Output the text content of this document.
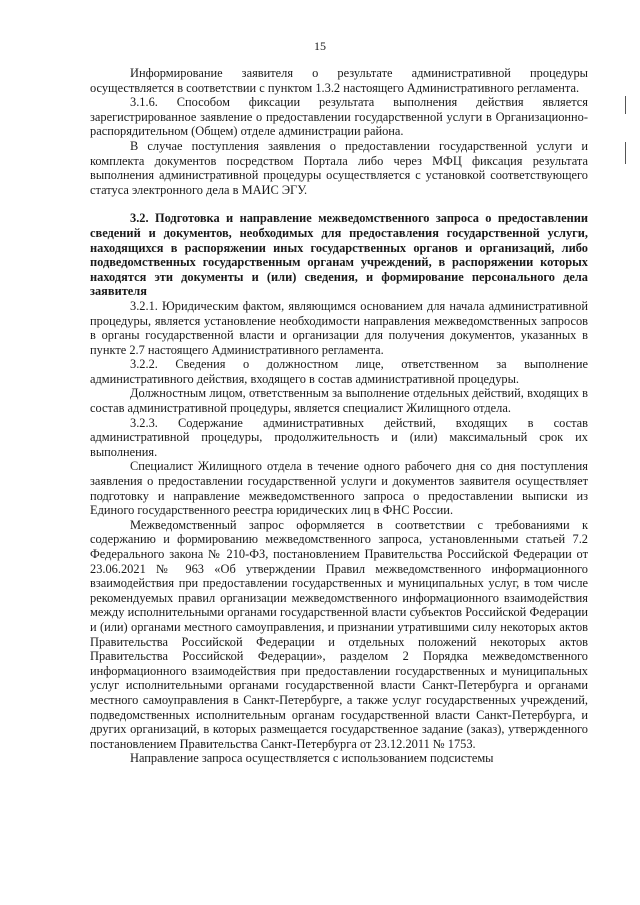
15

Информирование заявителя о результате административной процедуры осуществляется в соответствии с пунктом 1.3.2 настоящего Административного регламента.

3.1.6. Способом фиксации результата выполнения действия является зарегистрированное заявление о предоставлении государственной услуги в Организационно-распорядительном (Общем) отделе администрации района.

В случае поступления заявления о предоставлении государственной услуги и комплекта документов посредством Портала либо через МФЦ фиксация результата выполнения административной процедуры осуществляется с установкой соответствующего статуса электронного дела в МАИС ЭГУ.

3.2. Подготовка и направление межведомственного запроса о предоставлении сведений и документов, необходимых для предоставления государственной услуги, находящихся в распоряжении иных государственных органов и организаций, либо подведомственных государственным органам учреждений, в распоряжении которых находятся эти документы и (или) сведения, и формирование персонального дела заявителя

3.2.1. Юридическим фактом, являющимся основанием для начала административной процедуры, является установление необходимости направления межведомственных запросов в органы государственной власти и организации для получения документов, указанных в пункте 2.7 настоящего Административного регламента.

3.2.2. Сведения о должностном лице, ответственном за выполнение административного действия, входящего в состав административной процедуры.

Должностным лицом, ответственным за выполнение отдельных действий, входящих в состав административной процедуры, является специалист Жилищного отдела.

3.2.3. Содержание административных действий, входящих в состав административной процедуры, продолжительность и (или) максимальный срок их выполнения.

Специалист Жилищного отдела в течение одного рабочего дня со дня поступления заявления о предоставлении государственной услуги и документов заявителя осуществляет подготовку и направление межведомственного запроса о предоставлении выписки из Единого государственного реестра юридических лиц в ФНС России.

Межведомственный запрос оформляется в соответствии с требованиями к содержанию и формированию межведомственного запроса, установленными статьей 7.2 Федерального закона № 210-ФЗ, постановлением Правительства Российской Федерации от 23.06.2021 № 963 «Об утверждении Правил межведомственного информационного взаимодействия при предоставлении государственных и муниципальных услуг, в том числе рекомендуемых правил организации межведомственного информационного взаимодействия между исполнительными органами государственной власти субъектов Российской Федерации и (или) органами местного самоуправления, и признании утратившими силу некоторых актов Правительства Российской Федерации и отдельных положений некоторых актов Правительства Российской Федерации», разделом 2 Порядка межведомственного информационного взаимодействия при предоставлении государственных и муниципальных услуг исполнительными органами государственной власти Санкт-Петербурга и органами местного самоуправления в Санкт-Петербурге, а также услуг государственных учреждений, подведомственных исполнительным органам государственной власти Санкт-Петербурга, и других организаций, в которых размещается государственное задание (заказ), утвержденного постановлением Правительства Санкт-Петербурга от 23.12.2011 № 1753.

Направление запроса осуществляется с использованием подсистемы
